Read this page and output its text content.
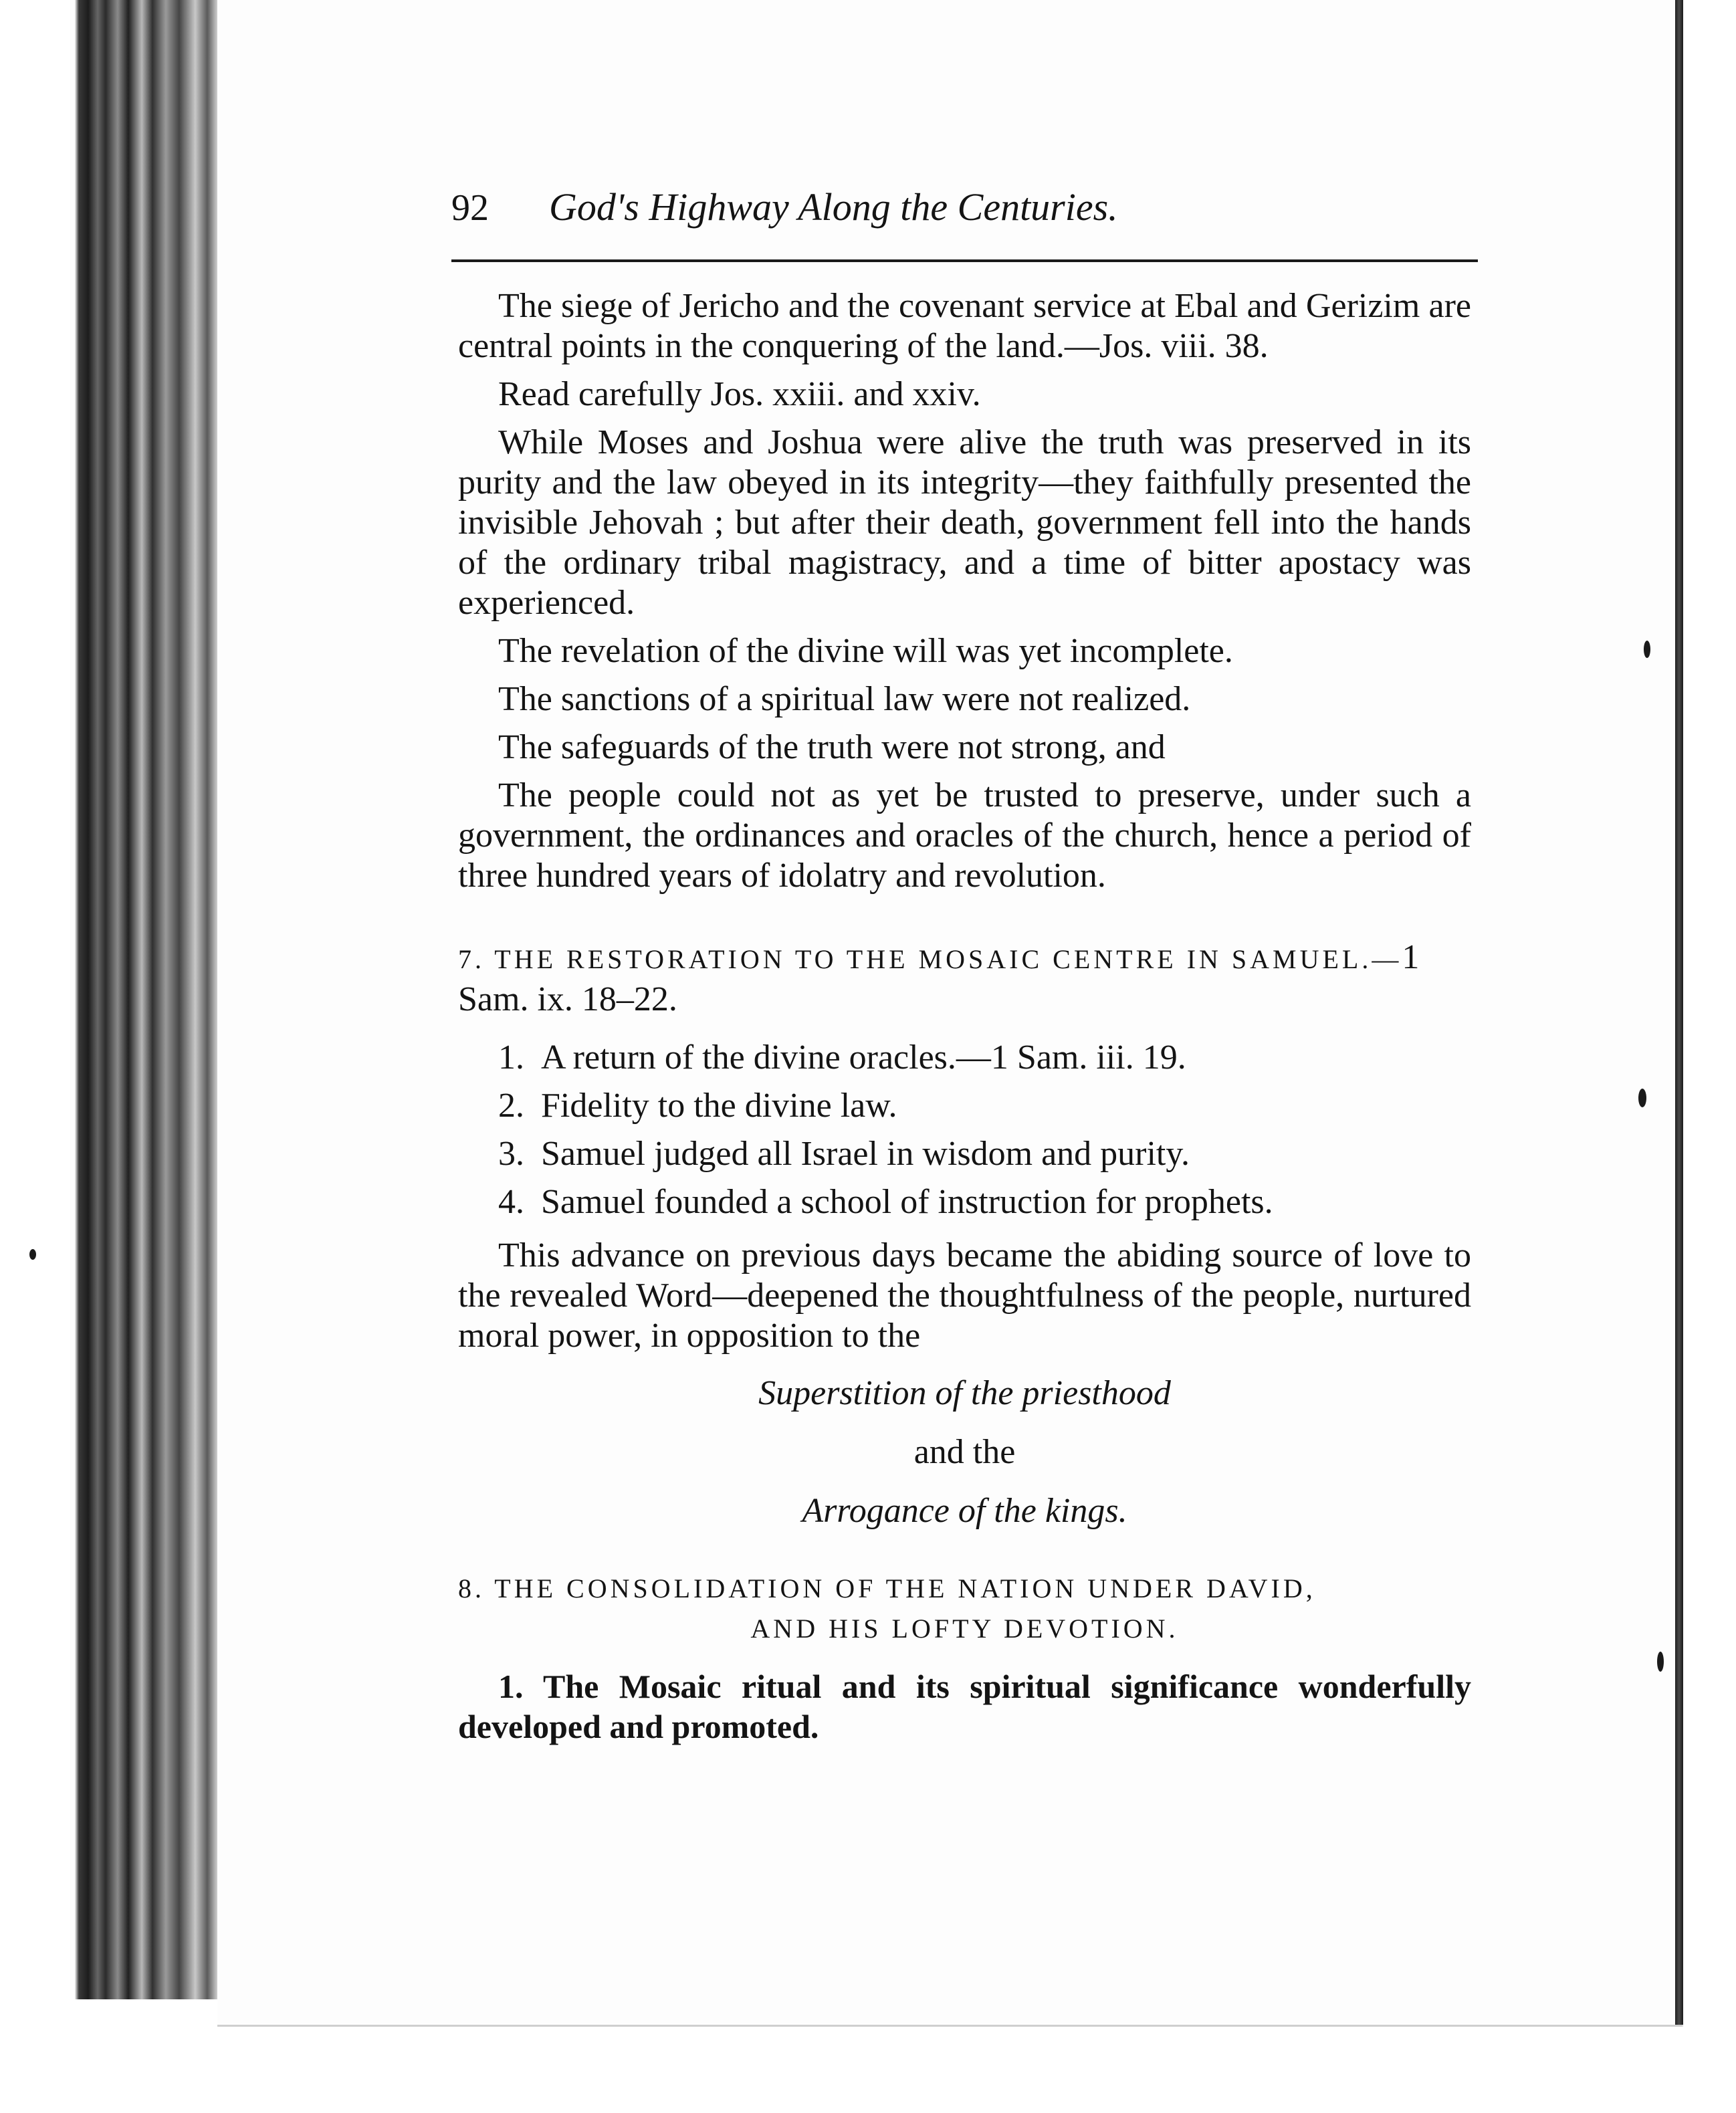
92 God's Highway Along the Centuries.

The siege of Jericho and the covenant service at Ebal and Gerizim are central points in the conquering of the land.—Jos. viii. 38.

Read carefully Jos. xxiii. and xxiv.

While Moses and Joshua were alive the truth was preserved in its purity and the law obeyed in its integrity—they faithfully presented the invisible Jehovah ; but after their death, government fell into the hands of the ordinary tribal magistracy, and a time of bitter apostacy was experienced.

The revelation of the divine will was yet incomplete.

The sanctions of a spiritual law were not realized.

The safeguards of the truth were not strong, and

The people could not as yet be trusted to preserve, under such a government, the ordinances and oracles of the church, hence a period of three hundred years of idolatry and revolution.

7. THE RESTORATION TO THE MOSAIC CENTRE IN SAMUEL.—1 Sam. ix. 18–22.
1. A return of the divine oracles.—1 Sam. iii. 19.
2. Fidelity to the divine law.
3. Samuel judged all Israel in wisdom and purity.
4. Samuel founded a school of instruction for prophets.

This advance on previous days became the abiding source of love to the revealed Word—deepened the thoughtfulness of the people, nurtured moral power, in opposition to the

Superstition of the priesthood
and the
Arrogance of the kings.
8. THE CONSOLIDATION OF THE NATION UNDER DAVID,
AND HIS LOFTY DEVOTION.

1. The Mosaic ritual and its spiritual significance wonderfully developed and promoted.
